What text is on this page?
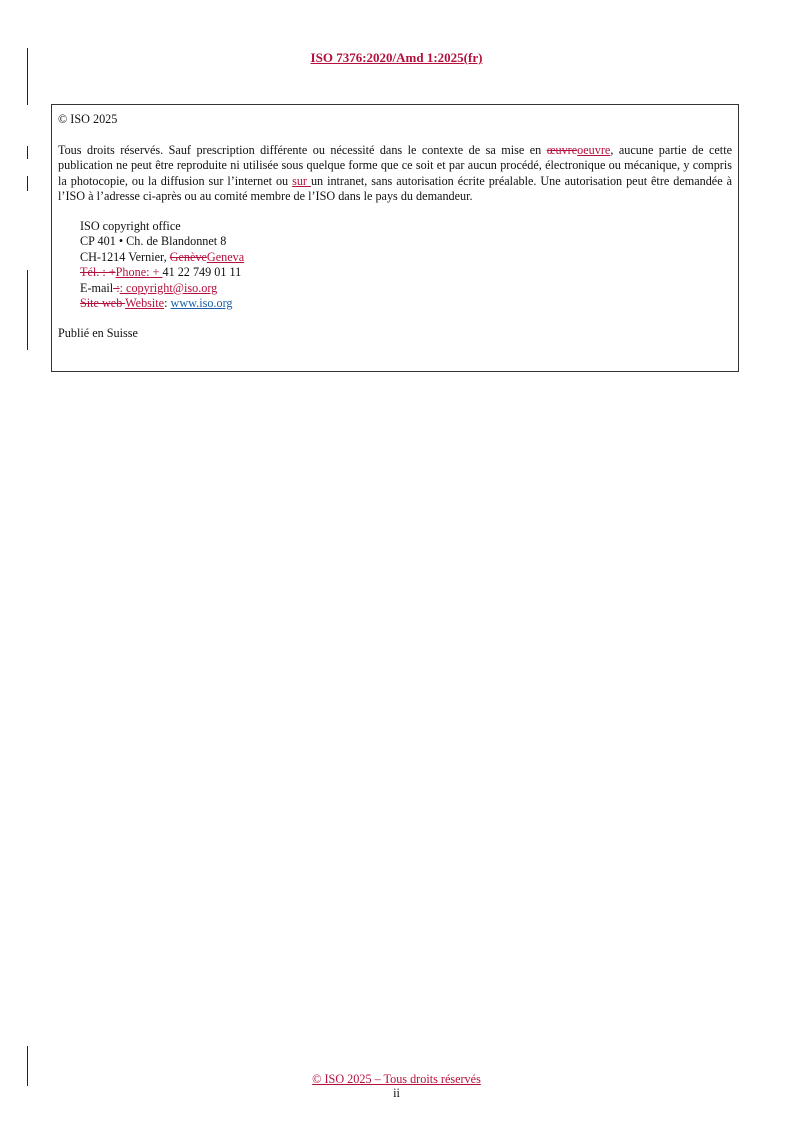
ISO 7376:2020/Amd 1:2025(fr)

© ISO 2025

Tous droits réservés. Sauf prescription différente ou nécessité dans le contexte de sa mise en œuvreoeuvre, aucune partie de cette publication ne peut être reproduite ni utilisée sous quelque forme que ce soit et par aucun procédé, électronique ou mécanique, y compris la photocopie, ou la diffusion sur l’internet ou sur un intranet, sans autorisation écrite préalable. Une autorisation peut être demandée à l’ISO à l’adresse ci-après ou au comité membre de l’ISO dans le pays du demandeur.

ISO copyright office
CP 401 • Ch. de Blandonnet 8
CH-1214 Vernier, GenèveGeneva
Tél. : +Phone: + 41 22 749 01 11
E-mail :: copyright@iso.org
Site web Website: www.iso.org

Publié en Suisse

© ISO 2025 – Tous droits réservés
ii
